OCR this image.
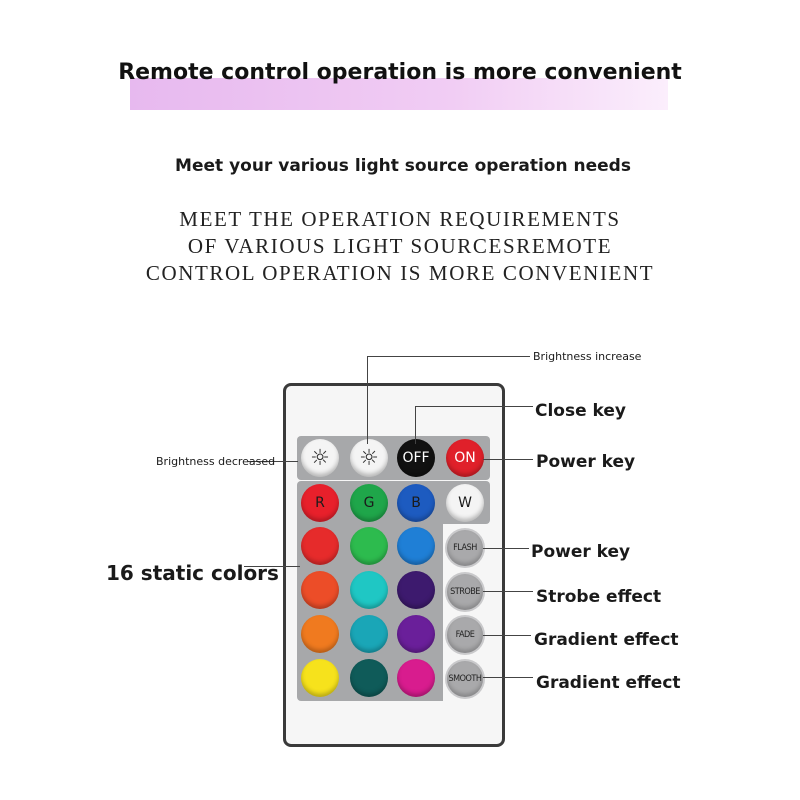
Remote control operation is more convenient
Meet your various light source operation needs
MEET THE OPERATION REQUIREMENTS
OF VARIOUS LIGHT SOURCESREMOTE
CONTROL OPERATION IS MORE CONVENIENT
☼ ☼ OFF ON
R	G	B	W
FLASH
STROBE
FADE
SMOOTH
Brightness increase
Close key
Brightness decreased	Power key
16 static colors
Power key
Strobe effect
Gradient effect
Gradient effect
